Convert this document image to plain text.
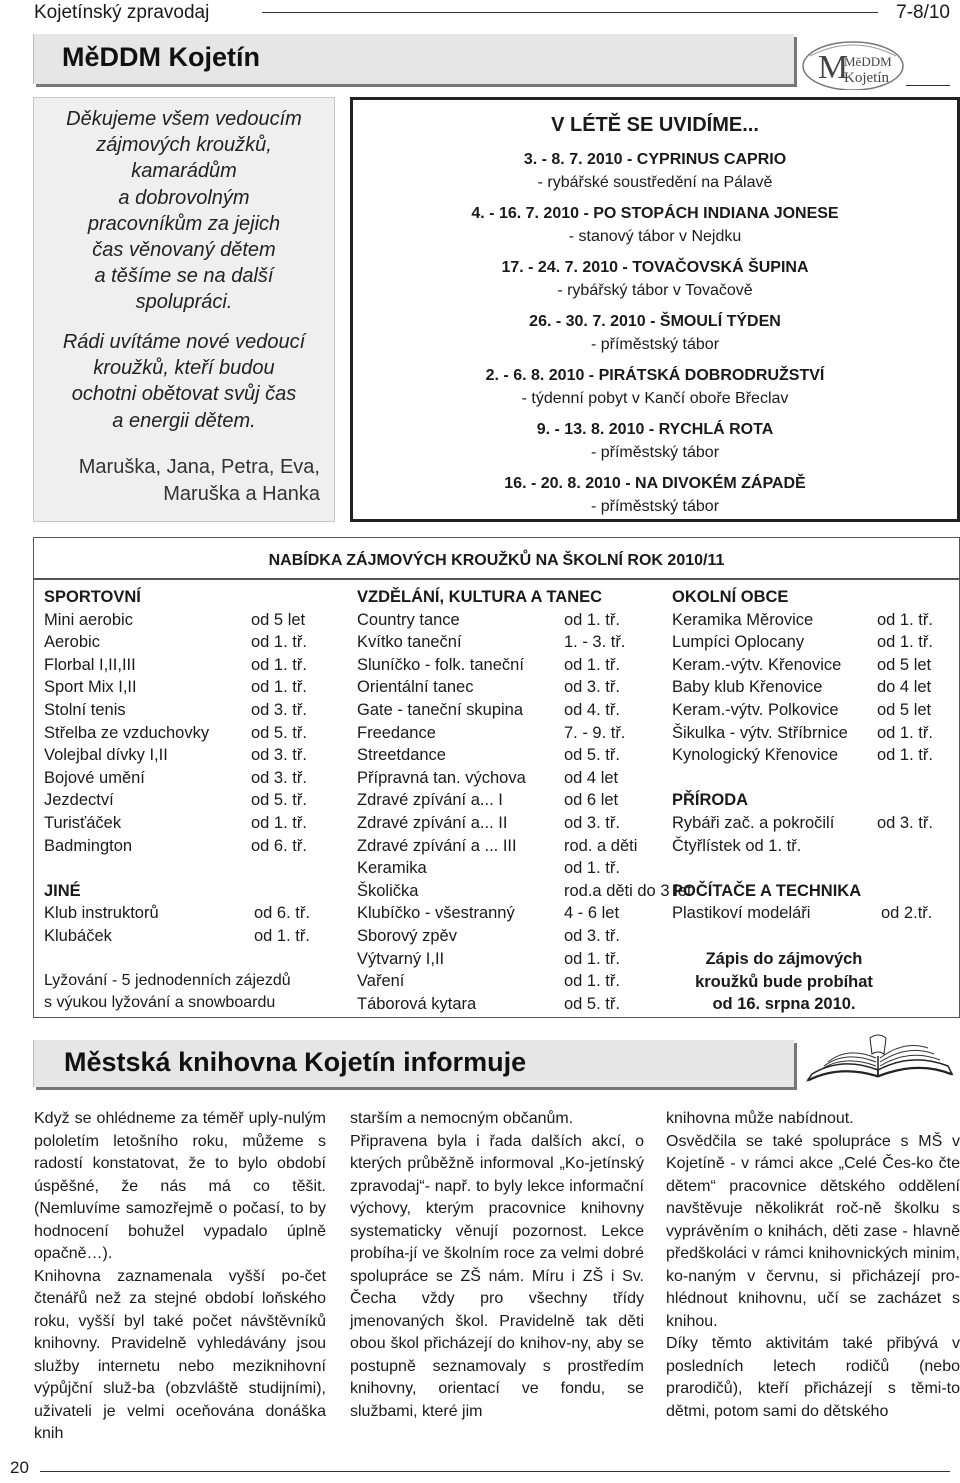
Kojetínský zpravodaj	7-8/10
MěDDM Kojetín	M
MěDDM
Kojetín
Děkujeme všem vedoucím
zájmových kroužků,
kamarádům
a dobrovolným
pracovníkům za jejich
čas věnovaný dětem
a těšíme se na další
spolupráci.
Rádi uvítáme nové vedoucí
kroužků, kteří budou
ochotni obětovat svůj čas
a energii dětem.
Maruška, Jana, Petra, Eva,
Maruška a Hanka
V LÉTĚ SE UVIDÍME...
3. - 8. 7. 2010 - CYPRINUS CAPRIO
- rybářské soustředění na Pálavě
4. - 16. 7. 2010 - PO STOPÁCH INDIANA JONESE
- stanový tábor v Nejdku
17. - 24. 7. 2010 - TOVAČOVSKÁ ŠUPINA
- rybářský tábor v Tovačově
26. - 30. 7. 2010 - ŠMOULÍ TÝDEN
- příměstský tábor
2. - 6. 8. 2010 - PIRÁTSKÁ DOBRODRUŽSTVÍ
- týdenní pobyt v Kančí oboře Břeclav
9. - 13. 8. 2010 - RYCHLÁ ROTA
- příměstský tábor
16. - 20. 8. 2010 - NA DIVOKÉM ZÁPADĚ
- příměstský tábor
NABÍDKA ZÁJMOVÝCH KROUŽKŮ NA ŠKOLNÍ ROK 2010/11
SPORTOVNÍ
Mini aerobic	od 5 let
Aerobic	od 1. tř.
Florbal I,II,III	od 1. tř.
Sport Mix I,II	od 1. tř.
Stolní tenis	od 3. tř.
Střelba ze vzduchovky	od 5. tř.
Volejbal dívky I,II	od 3. tř.
Bojové umění	od 3. tř.
Jezdectví	od 5. tř.
Turisťáček	od 1. tř.
Badmington	od 6. tř.
JINÉ
Klub instruktorů	od 6. tř.
Klubáček	od 1. tř.
Lyžování - 5 jednodenních zájezdů
s výukou lyžování a snowboardu
VZDĚLÁNÍ, KULTURA A TANEC
Country tance	od 1. tř.
Kvítko taneční	1. - 3. tř.
Sluníčko - folk. taneční od 1. tř.
Orientální tanec	od 3. tř.
Gate - taneční skupina od 4. tř.
Freedance	7. - 9. tř.
Streetdance	od 5. tř.
Přípravná tan. výchova od 4 let
Zdravé zpívání a... I	od 6 let
Zdravé zpívání a... II	od 3. tř.
Zdravé zpívání a ... III	rod. a děti
Keramika	od 1. tř.
Školička	rod.a děti do 3 let
Klubíčko - všestranný	4 - 6 let
Sborový zpěv	od 3. tř.
Výtvarný I,II	od 1. tř.
Vaření	od 1. tř.
Táborová kytara	od 5. tř.
OKOLNÍ OBCE
Keramika Měrovice	od 1. tř.
Lumpíci Oplocany	od 1. tř.
Keram.-výtv. Křenovice od 5 let
Baby klub Křenovice	do 4 let
Keram.-výtv. Polkovice od 5 let
Šikulka - výtv. Stříbrnice od 1. tř.
Kynologický Křenovice od 1. tř.
PŘÍRODA
Rybáři zač. a pokročilí	od 3. tř.
Čtyřlístek od 1. tř.
POČÍTAČE A TECHNIKA
Plastikoví modeláři	od 2.tř.
Zápis do zájmových
kroužků bude probíhat
od 16. srpna 2010.
Městská knihovna Kojetín informuje

Když se ohlédneme za téměř uply-nulým pololetím letošního roku, můžeme s radostí konstatovat, že to bylo období úspěšné, že nás má co těšit. (Nemluvíme samozřejmě o počasí, to by hodnocení bohužel vypadalo úplně opačně…).

Knihovna zaznamenala vyšší po-čet čtenářů než za stejné období loňského roku, vyšší byl také počet návštěvníků knihovny. Pravidelně vyhledávány jsou služby internetu nebo meziknihovní výpůjční služ-ba (obzvláště studijními), uživateli je velmi oceňována donáška knih

starším a nemocným občanům.

Připravena byla i řada dalších akcí, o kterých průběžně informoval „Ko-jetínský zpravodaj“- např. to byly lekce informační výchovy, kterým pracovnice knihovny systematicky věnují pozornost. Lekce probíha-jí ve školním roce za velmi dobré spolupráce se ZŠ nám. Míru i ZŠ i Sv. Čecha vždy pro všechny třídy jmenovaných škol. Pravidelně tak děti obou škol přicházejí do knihov-ny, aby se postupně seznamovaly s prostředím knihovny, orientací ve fondu, se službami, které jim

knihovna může nabídnout.

Osvědčila se také spolupráce s MŠ v Kojetíně - v rámci akce „Celé Čes-ko čte dětem“ pracovnice dětského oddělení navštěvuje několikrát roč-ně školku s vyprávěním o knihách, děti zase - hlavně předškoláci v rámci knihovnických minim, ko-naným v červnu, si přicházejí pro-hlédnout knihovnu, učí se zacházet s knihou.

Díky těmto aktivitám také přibývá v posledních letech rodičů (nebo prarodičů), kteří přicházejí s těmi-to dětmi, potom sami do dětského

20
